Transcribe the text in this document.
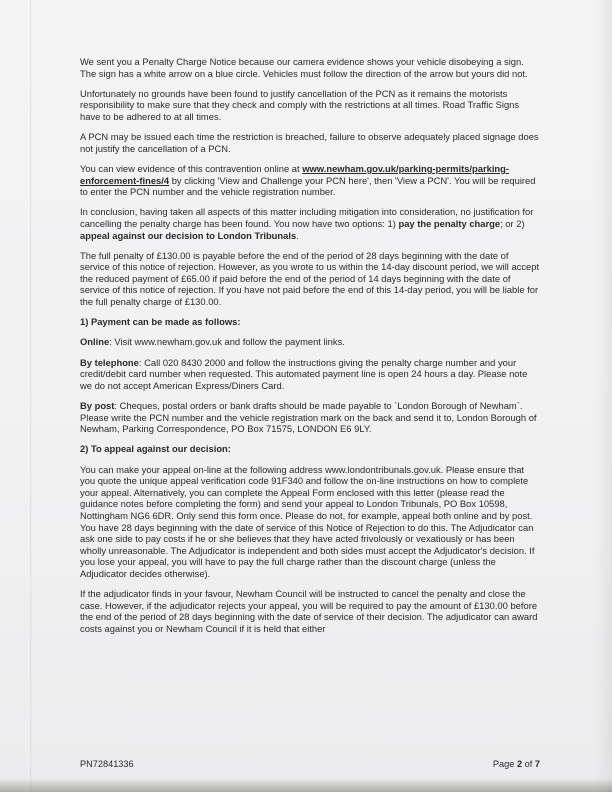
We sent you a Penalty Charge Notice because our camera evidence shows your vehicle disobeying a sign. The sign has a white arrow on a blue circle. Vehicles must follow the direction of the arrow but yours did not.

Unfortunately no grounds have been found to justify cancellation of the PCN as it remains the motorists responsibility to make sure that they check and comply with the restrictions at all times. Road Traffic Signs have to be adhered to at all times.

A PCN may be issued each time the restriction is breached, failure to observe adequately placed signage does not justify the cancellation of a PCN.

You can view evidence of this contravention online at www.newham.gov.uk/parking-permits/parking-enforcement-fines/4 by clicking 'View and Challenge your PCN here', then 'View a PCN'. You will be required to enter the PCN number and the vehicle registration number.

In conclusion, having taken all aspects of this matter including mitigation into consideration, no justification for cancelling the penalty charge has been found. You now have two options: 1) pay the penalty charge; or 2) appeal against our decision to London Tribunals.

The full penalty of £130.00 is payable before the end of the period of 28 days beginning with the date of service of this notice of rejection. However, as you wrote to us within the 14-day discount period, we will accept the reduced payment of £65.00 if paid before the end of the period of 14 days beginning with the date of service of this notice of rejection. If you have not paid before the end of this 14-day period, you will be liable for the full penalty charge of £130.00.

1) Payment can be made as follows:

Online: Visit www.newham.gov.uk and follow the payment links.

By telephone: Call 020 8430 2000 and follow the instructions giving the penalty charge number and your credit/debit card number when requested. This automated payment line is open 24 hours a day. Please note we do not accept American Express/Diners Card.

By post: Cheques, postal orders or bank drafts should be made payable to `London Borough of Newham`. Please write the PCN number and the vehicle registration mark on the back and send it to, London Borough of Newham, Parking Correspondence, PO Box 71575, LONDON E6 9LY.

2) To appeal against our decision:

You can make your appeal on-line at the following address www.londontribunals.gov.uk. Please ensure that you quote the unique appeal verification code 91F340 and follow the on-line instructions on how to complete your appeal. Alternatively, you can complete the Appeal Form enclosed with this letter (please read the guidance notes before completing the form) and send your appeal to London Tribunals, PO Box 10598, Nottingham NG6 6DR. Only send this form once. Please do not, for example, appeal both online and by post. You have 28 days beginning with the date of service of this Notice of Rejection to do this. The Adjudicator can ask one side to pay costs if he or she believes that they have acted frivolously or vexatiously or has been wholly unreasonable. The Adjudicator is independent and both sides must accept the Adjudicator's decision. If you lose your appeal, you will have to pay the full charge rather than the discount charge (unless the Adjudicator decides otherwise).

If the adjudicator finds in your favour, Newham Council will be instructed to cancel the penalty and close the case. However, if the adjudicator rejects your appeal, you will be required to pay the amount of £130.00 before the end of the period of 28 days beginning with the date of service of their decision. The adjudicator can award costs against you or Newham Council if it is held that either

PN72841336	Page 2 of 7
